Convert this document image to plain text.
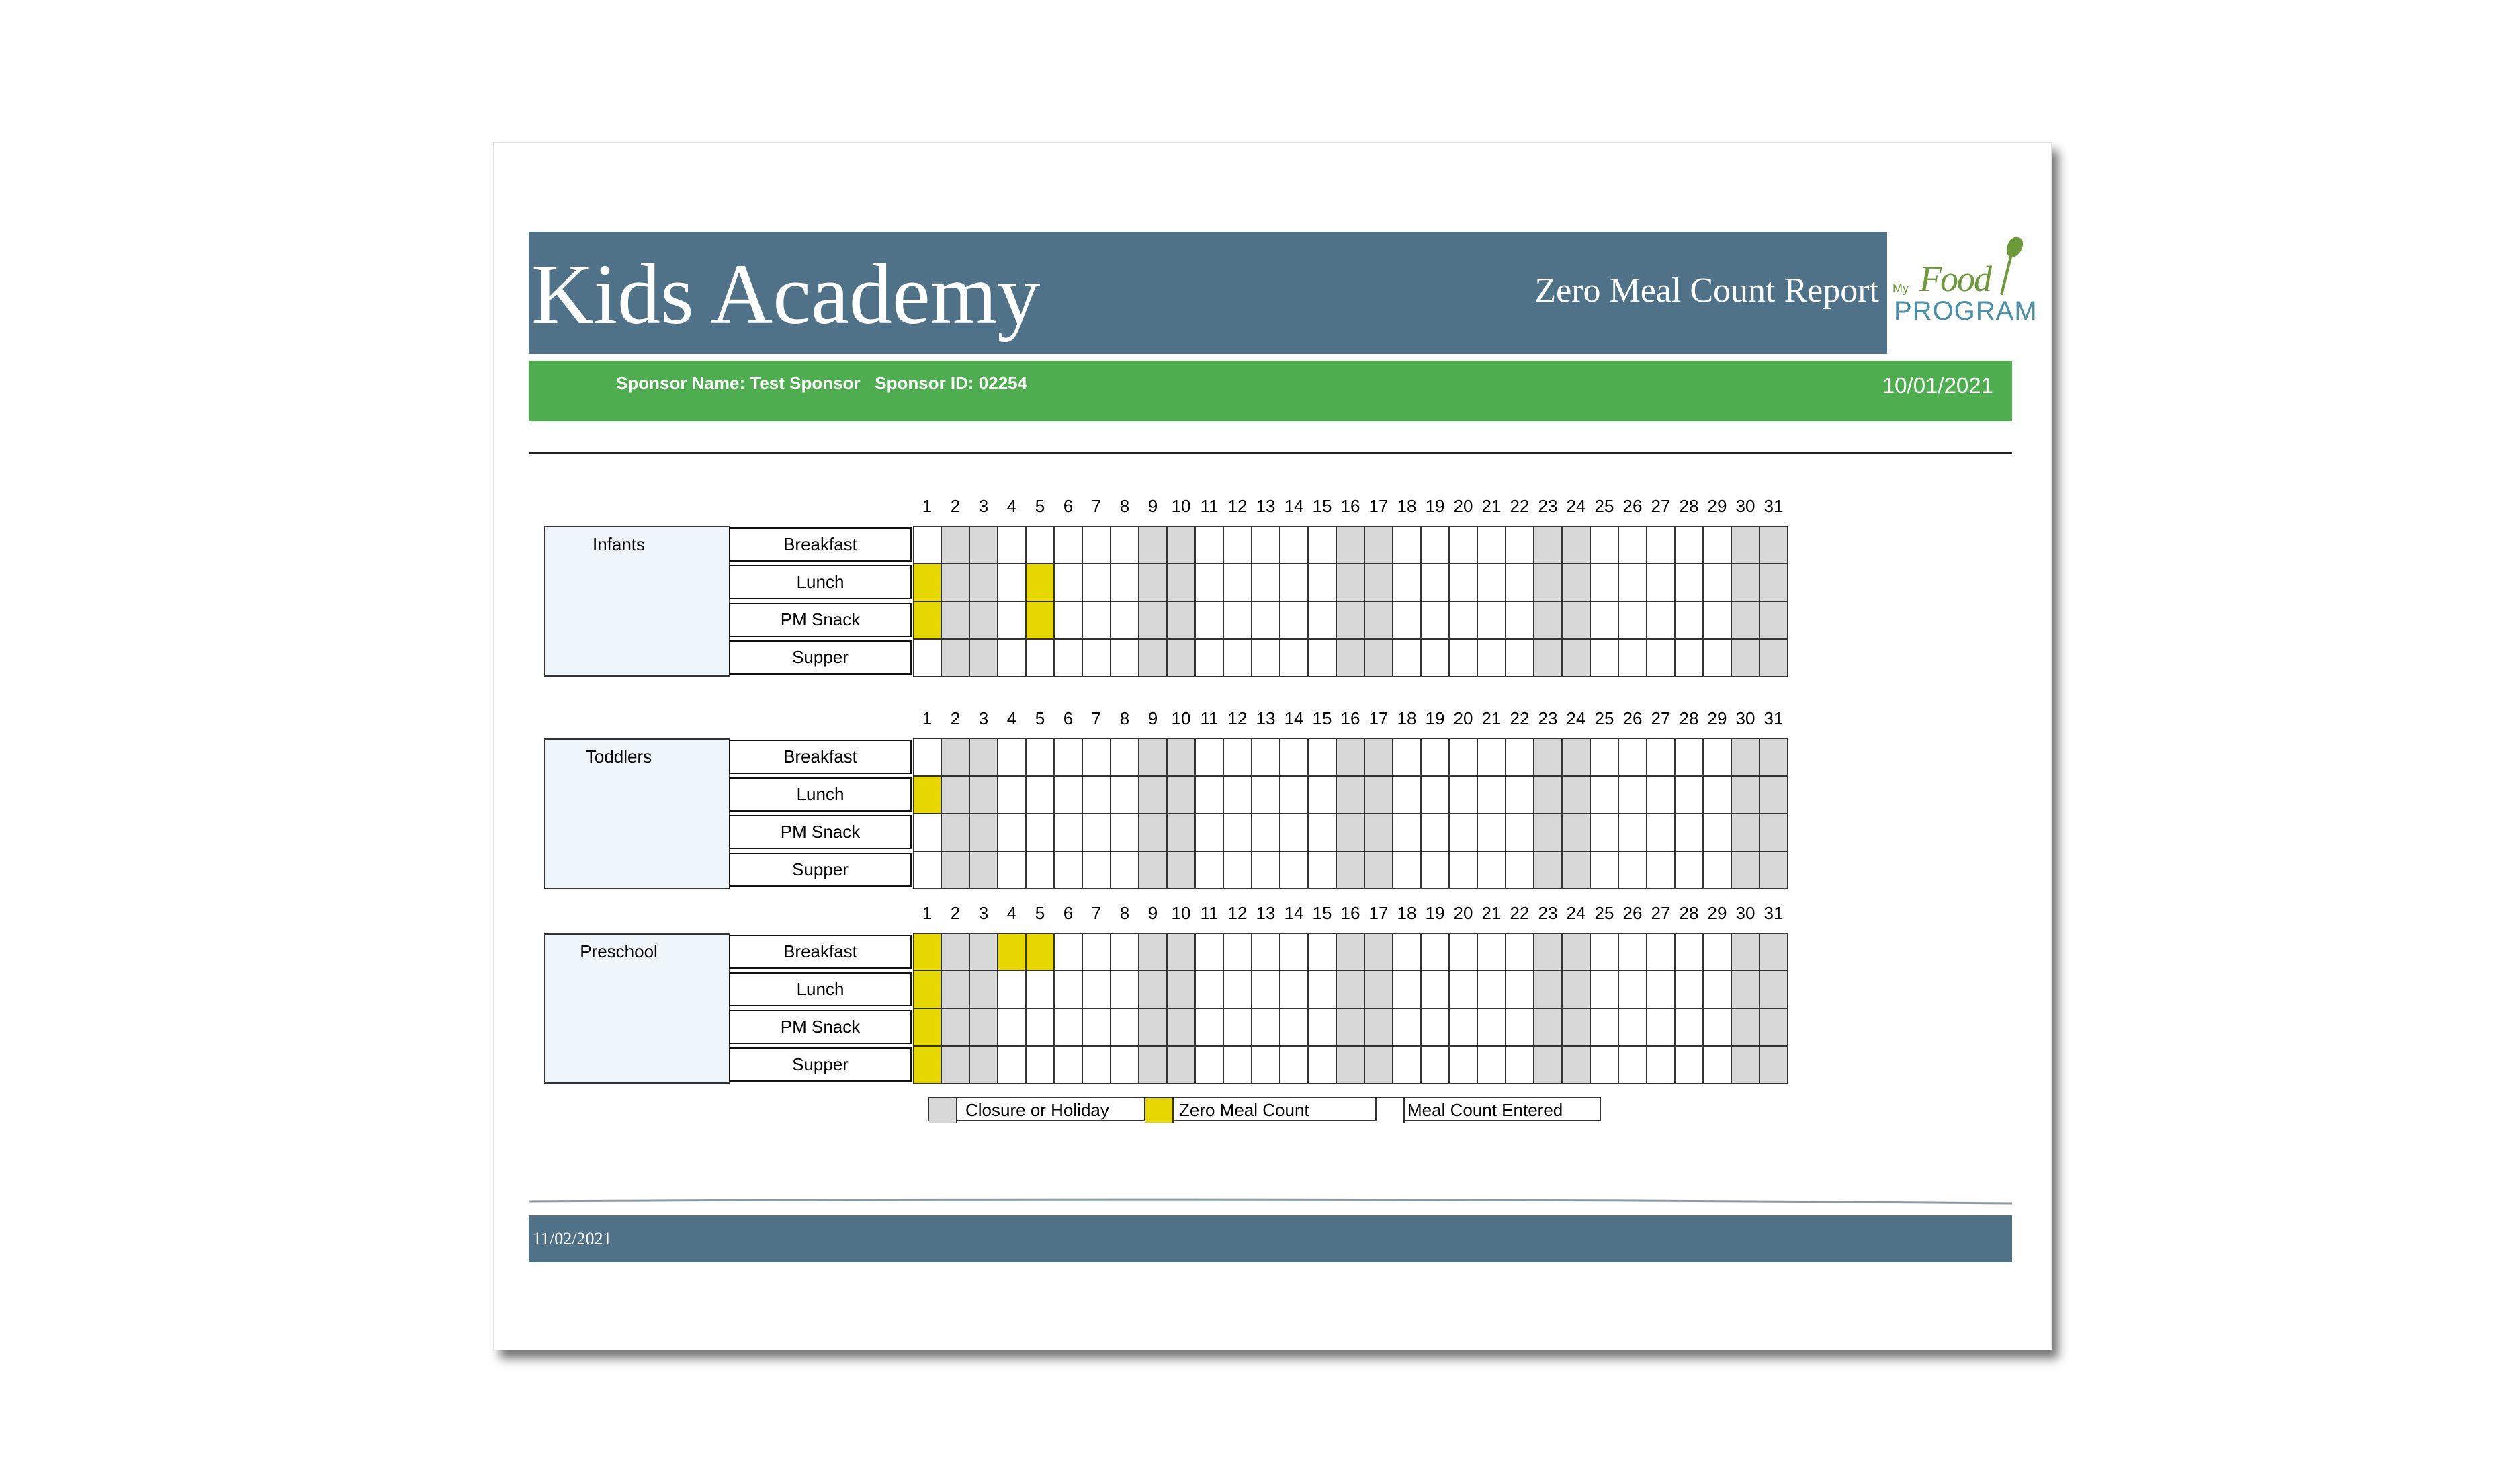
Kids Academy	Zero Meal Count Report My Food
PROGRAM
Sponsor Name: Test Sponsor   Sponsor ID: 02254	10/01/2021
1	2	3	4	5	6	7	8	9 10 11 12 13 14 15 16 17 18 19 20 21 22 23 24 25 26 27 28 29 30 31
Infants	Breakfast
Lunch
PM Snack
Supper
1	2	3	4	5	6	7	8	9 10 11 12 13 14 15 16 17 18 19 20 21 22 23 24 25 26 27 28 29 30 31
Toddlers	Breakfast
Lunch
PM Snack
Supper
1	2	3	4	5	6	7	8	9 10 11 12 13 14 15 16 17 18 19 20 21 22 23 24 25 26 27 28 29 30 31
Preschool	Breakfast
Lunch
PM Snack
Supper
Closure or Holiday	Zero Meal Count	Meal Count Entered
11/02/2021
